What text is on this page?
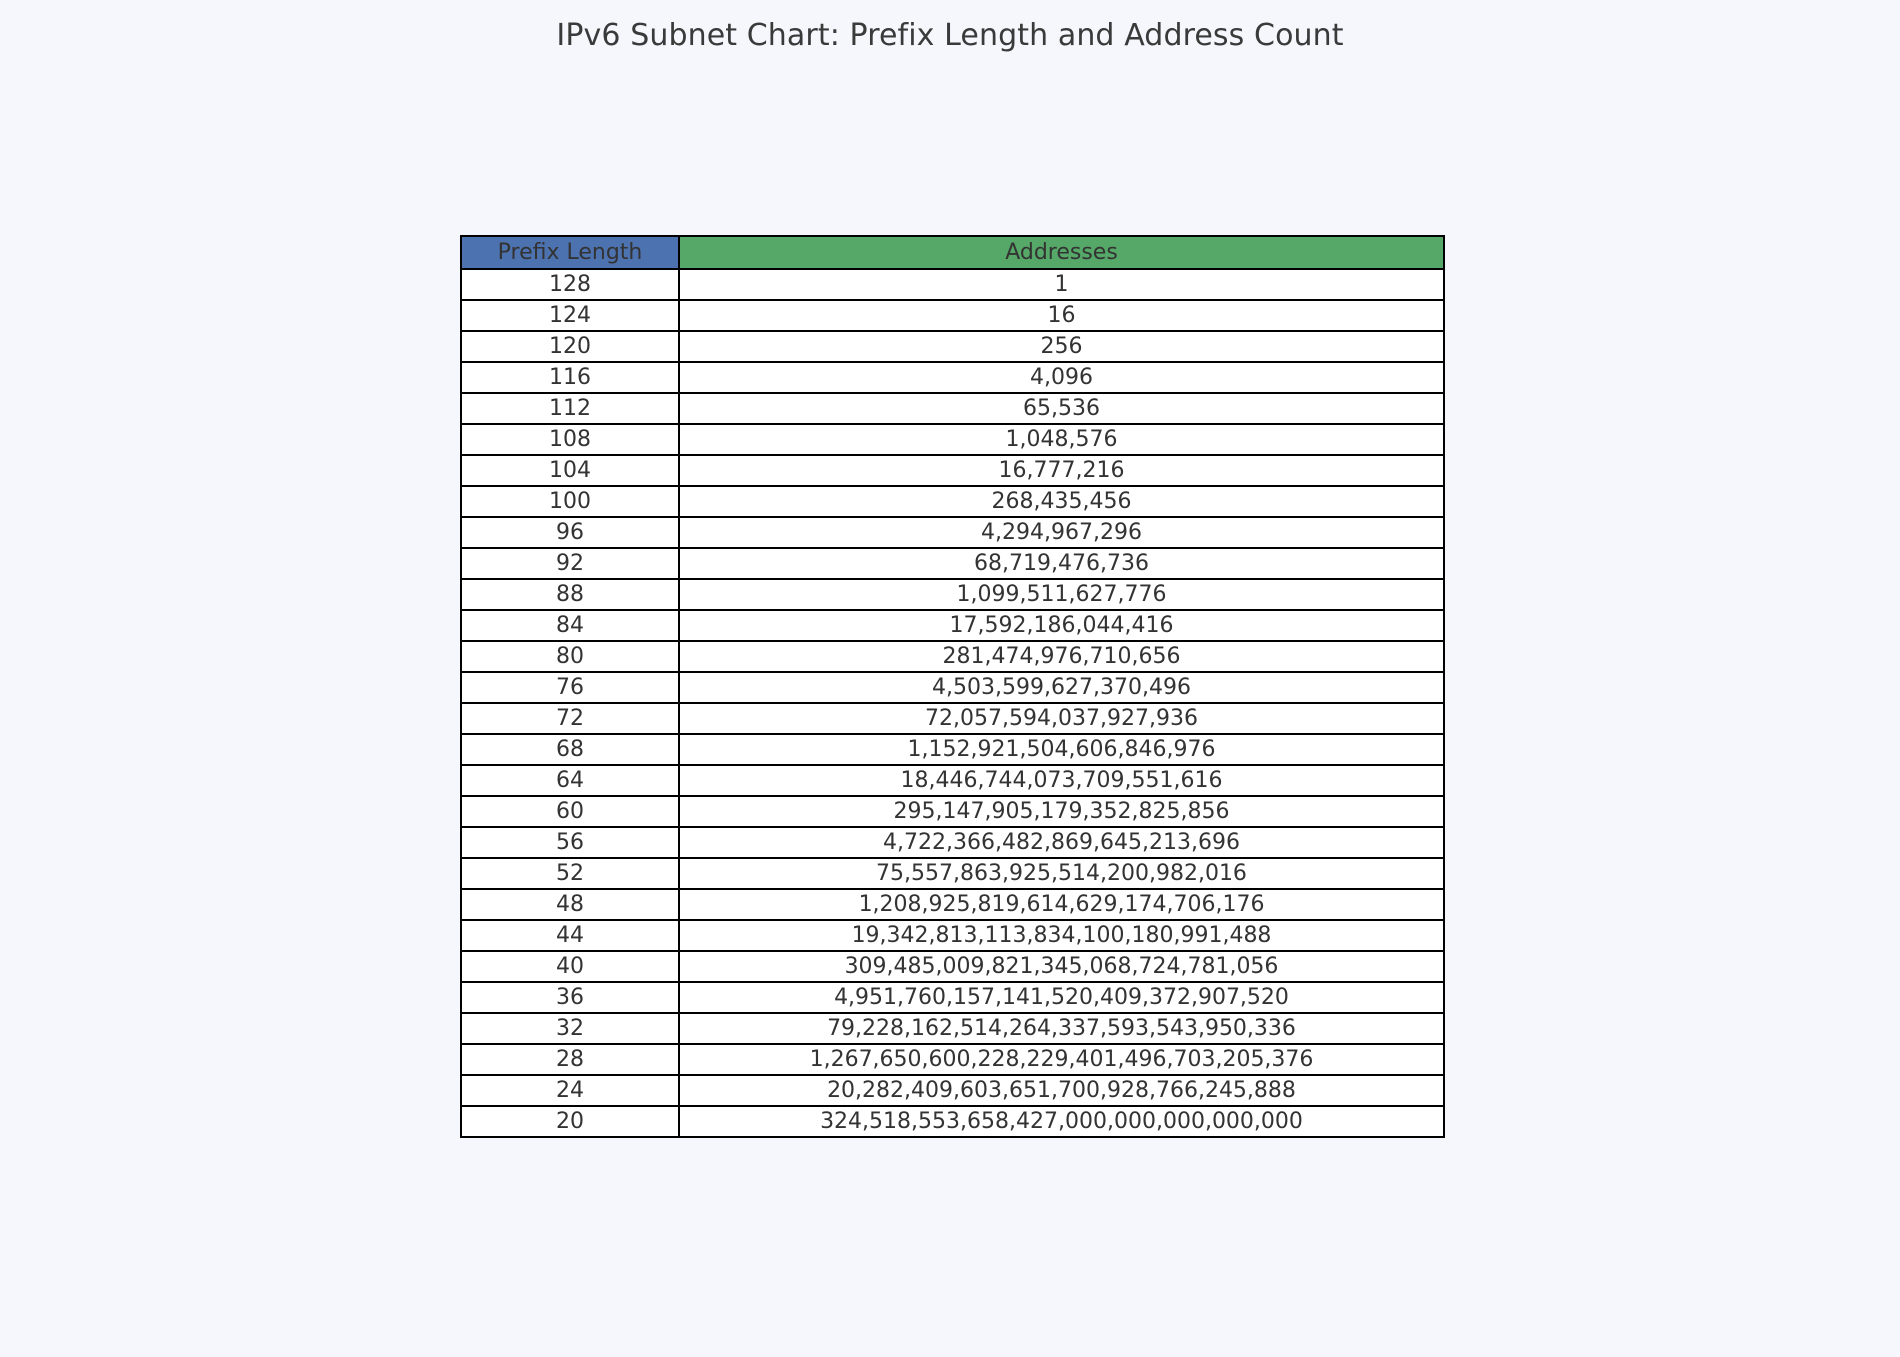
IPv6 Subnet Chart: Prefix Length and Address Count
Prefix Length	Addresses
128	1
124	16
120	256
116	4,096
112	65,536
108	1,048,576
104	16,777,216
100	268,435,456
96	4,294,967,296
92	68,719,476,736
88	1,099,511,627,776
84	17,592,186,044,416
80	281,474,976,710,656
76	4,503,599,627,370,496
72	72,057,594,037,927,936
68	1,152,921,504,606,846,976
64	18,446,744,073,709,551,616
60	295,147,905,179,352,825,856
56	4,722,366,482,869,645,213,696
52	75,557,863,925,514,200,982,016
48	1,208,925,819,614,629,174,706,176
44	19,342,813,113,834,100,180,991,488
40	309,485,009,821,345,068,724,781,056
36	4,951,760,157,141,520,409,372,907,520
32	79,228,162,514,264,337,593,543,950,336
28	1,267,650,600,228,229,401,496,703,205,376
24	20,282,409,603,651,700,928,766,245,888
20	324,518,553,658,427,000,000,000,000,000
